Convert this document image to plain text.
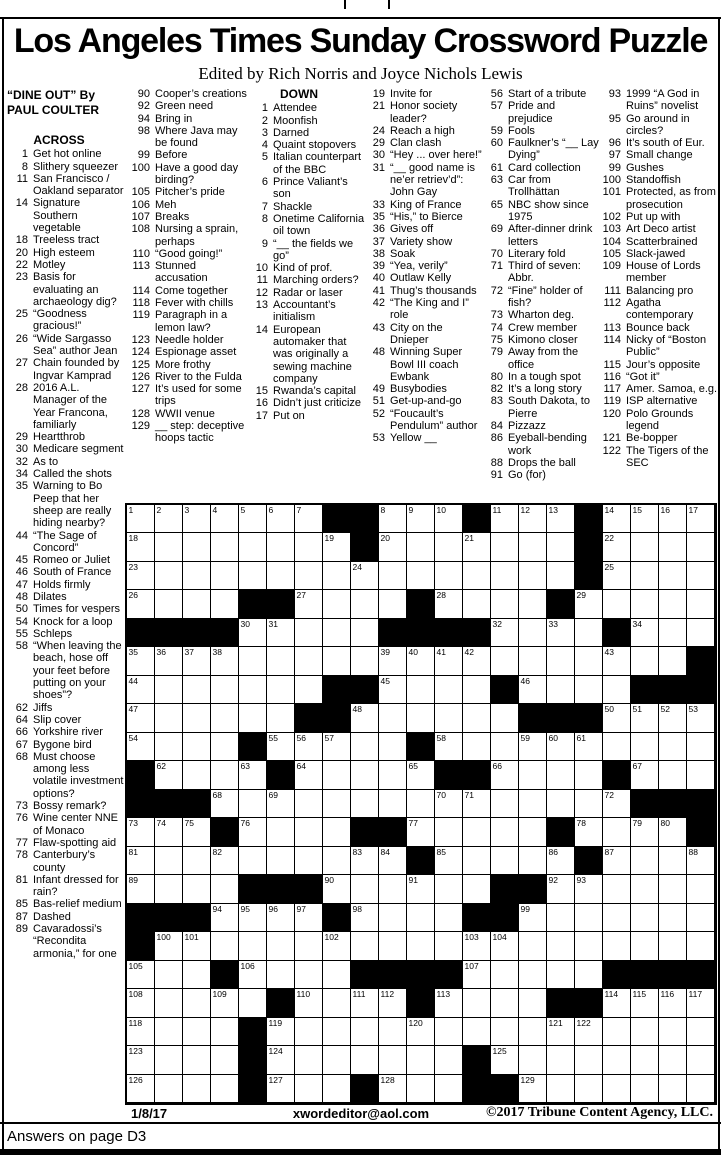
Los Angeles Times Sunday Crossword Puzzle
Edited by Rich Norris and Joyce Nichols Lewis
“DINE OUT” By
PAUL COULTER
ACROSS
1 Get hot online
8 Slithery squeezer
11 San Francisco / Oakland separator
14 Signature Southern vegetable
18 Treeless tract
20 High esteem
22 Motley
23 Basis for evaluating an archaeology dig?
25 “Goodness gracious!”
26 “Wide Sargasso Sea” author Jean
27 Chain founded by Ingvar Kamprad
28 2016 A.L. Manager of the Year Francona, familiarly
29 Heartthrob
30 Medicare segment
32 As to
34 Called the shots
35 Warning to Bo Peep that her sheep are really hiding nearby?
44 “The Sage of Concord”
45 Romeo or Juliet
46 South of France
47 Holds firmly
48 Dilates
50 Times for vespers
54 Knock for a loop
55 Schleps
58 “When leaving the beach, hose off your feet before putting on your shoes”?
62 Jiffs
64 Slip cover
66 Yorkshire river
67 Bygone bird
68 Must choose among less volatile investment options?
73 Bossy remark?
76 Wine center NNE of Monaco
77 Flaw-spotting aid
78 Canterbury’s county
81 Infant dressed for rain?
85 Bas-relief medium
87 Dashed
89 Cavaradossi’s “Recondita armonia,” for one
90 Cooper’s creations
92 Green need
94 Bring in
98 Where Java may be found
99 Before
100 Have a good day birding?
105 Pitcher’s pride
106 Meh
107 Breaks
108 Nursing a sprain, perhaps
110 “Good going!”
113 Stunned accusation
114 Come together
118 Fever with chills
119 Paragraph in a lemon law?
123 Needle holder
124 Espionage asset
125 More frothy
126 River to the Fulda
127 It’s used for some trips
128 WWII venue
129 __ step: deceptive hoops tactic
DOWN
1 Attendee
2 Moonfish
3 Darned
4 Quaint stopovers
5 Italian counterpart of the BBC
6 Prince Valiant’s son
7 Shackle
8 Onetime California oil town
9 “__ the fields we go”
10 Kind of prof.
11 Marching orders?
12 Radar or laser
13 Accountant’s initialism
14 European automaker that was originally a sewing machine company
15 Rwanda’s capital
16 Didn’t just criticize
17 Put on
19 Invite for
21 Honor society leader?
24 Reach a high
29 Clan clash
30 “Hey ... over here!”
31 “__ good name is ne’er retriev’d”: John Gay
33 King of France
35 “His,” to Bierce
36 Gives off
37 Variety show
38 Soak
39 “Yea, verily”
40 Outlaw Kelly
41 Thug’s thousands
42 “The King and I” role
43 City on the Dnieper
48 Winning Super Bowl III coach Ewbank
49 Busybodies
51 Get-up-and-go
52 “Foucault’s Pendulum” author
53 Yellow __
56 Start of a tribute
57 Pride and prejudice
59 Fools
60 Faulkner’s “__ Lay Dying”
61 Card collection
63 Car from Trollhättan
65 NBC show since 1975
69 After-dinner drink letters
70 Literary fold
71 Third of seven: Abbr.
72 “Fine” holder of fish?
73 Wharton deg.
74 Crew member
75 Kimono closer
79 Away from the office
80 In a tough spot
82 It’s a long story
83 South Dakota, to Pierre
84 Pizzazz
86 Eyeball-bending work
88 Drops the ball
91 Go (for)
93 1999 “A God in Ruins” novelist
95 Go around in circles?
96 It’s south of Eur.
97 Small change
99 Gushes
100 Standoffish
101 Protected, as from prosecution
102 Put up with
103 Art Deco artist
104 Scatterbrained
105 Slack-jawed
109 House of Lords member
111 Balancing pro
112 Agatha contemporary
113 Bounce back
114 Nicky of “Boston Public”
115 Jour’s opposite
116 “Got it”
117 Amer. Samoa, e.g.
119 ISP alternative
120 Polo Grounds legend
121 Be-bopper
122 The Tigers of the SEC
1	2	3	4	5	6	7	8	9	10	11 12 13	14 15 16 17
18	19	20	21	22
23	24	25
26	27	28	29
30 31	32	33	34
35 36 37 38	39 40 41 42	43
44	45	46
47	48	50 51 52 53
54	55 56 57	58	59 60 61
62	63	64	65	66	67
68	69	70 71	72
73 74 75	76	77	78	79 80
81	82	83 84	85	86	87	88
89	90	91	92 93
94 95 96 97	98	99
100 101	102	103 104
105	106	107
108	109	110	111 112	113	114 115 116 117
118	119	120	121 122
123	124	125
126	127	128	129
1/8/17	xwordeditor@aol.com	©2017 Tribune Content Agency, LLC.
Answers on page D3
